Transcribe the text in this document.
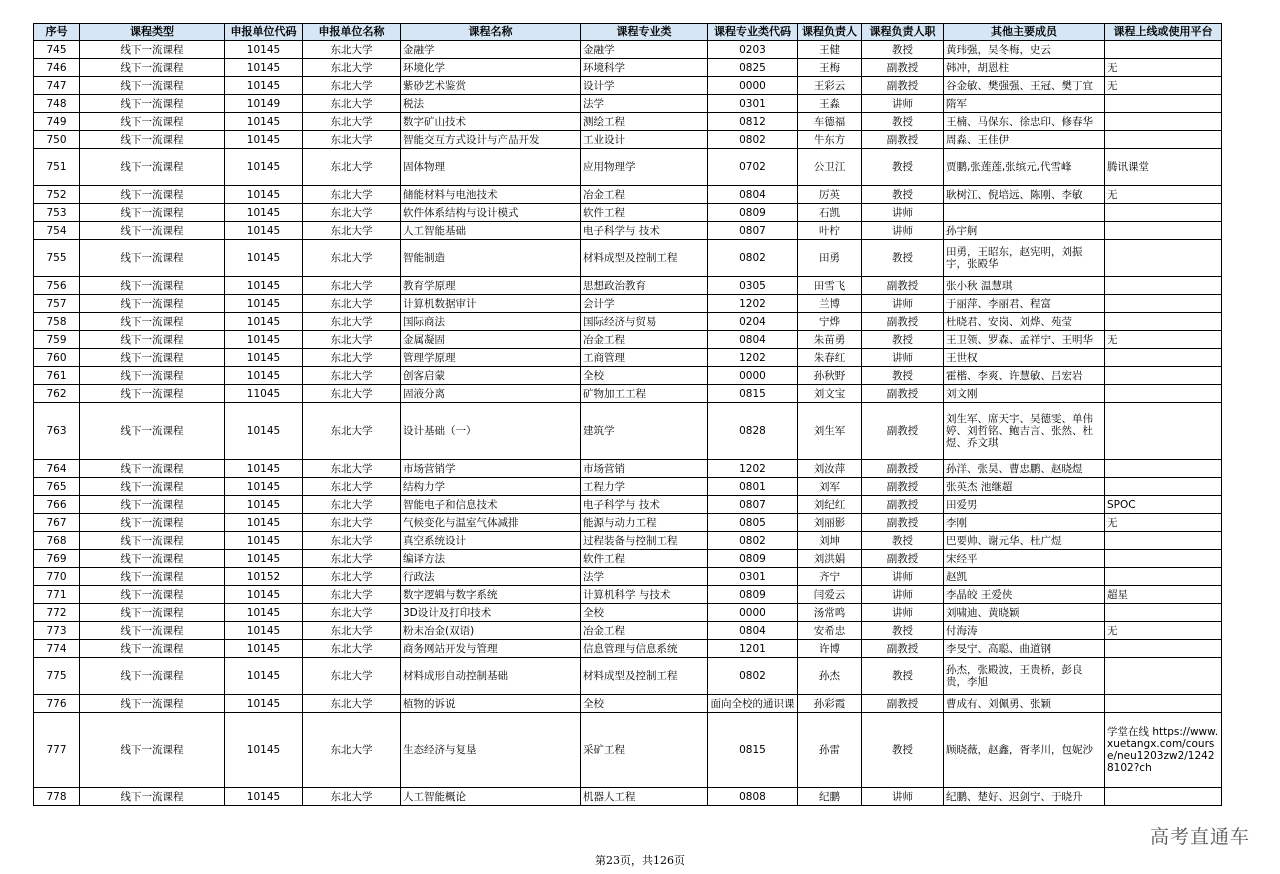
序号	课程类型	申报单位代码	申报单位名称	课程名称	课程专业类	课程专业类代码	课程负责人	课程负责人职	其他主要成员	课程上线或使用平台
745	线下一流课程	10145	东北大学	金融学	金融学	0203	王健	教授	黄玮强，吴冬梅，史云	
746	线下一流课程	10145	东北大学	环境化学	环境科学	0825	王梅	副教授	韩冲，胡恩柱	无
747	线下一流课程	10145	东北大学	紫砂艺术鉴赏	设计学	0000	王彩云	副教授	谷金敏、樊强强、王冠、樊丁宜	无
748	线下一流课程	10149	东北大学	税法	法学	0301	王淼	讲师	隋军	
749	线下一流课程	10145	东北大学	数字矿山技术	测绘工程	0812	车德福	教授	王楠、马保东、徐忠印、修春华	
750	线下一流课程	10145	东北大学	智能交互方式设计与产品开发	工业设计	0802	牛东方	副教授	周淼、王佳伊	
751	线下一流课程	10145	东北大学	固体物理	应用物理学	0702	公卫江	教授	贾鹏,张莲莲,张缤元,代雪峰	腾讯课堂
752	线下一流课程	10145	东北大学	储能材料与电池技术	冶金工程	0804	厉英	教授	耿树江、倪培远、陈刚、李敏	无
753	线下一流课程	10145	东北大学	软件体系结构与设计模式	软件工程	0809	石凯	讲师		
754	线下一流课程	10145	东北大学	人工智能基础	电子科学与 技术	0807	叶柠	讲师	孙宇舸	
755	线下一流课程	10145	东北大学	智能制造	材料成型及控制工程	0802	田勇	教授	田勇，王昭东，赵宪明，刘振宇，张殿华	
756	线下一流课程	10145	东北大学	教育学原理	思想政治教育	0305	田雪飞	副教授	张小秋 温慧琪	
757	线下一流课程	10145	东北大学	计算机数据审计	会计学	1202	兰博	讲师	于丽萍、李丽君、程富	
758	线下一流课程	10145	东北大学	国际商法	国际经济与贸易	0204	宁烨	副教授	杜晓君、安岗、刘烨、苑莹	
759	线下一流课程	10145	东北大学	金属凝固	冶金工程	0804	朱苗勇	教授	王卫领、罗森、孟祥宁、王明华	无
760	线下一流课程	10145	东北大学	管理学原理	工商管理	1202	朱春红	讲师	王世权	
761	线下一流课程	10145	东北大学	创客启蒙	全校	0000	孙秋野	教授	霍楷、李爽、许慧敏、吕宏岩	
762	线下一流课程	11045	东北大学	固液分离	矿物加工工程	0815	刘文宝	副教授	刘文刚	
763	线下一流课程	10145	东北大学	设计基础（一）	建筑学	0828	刘生军	副教授	刘生军、席天宇、吴德雯、单伟婷、刘哲铭、鲍吉言、张然、杜煜、乔文琪	
764	线下一流课程	10145	东北大学	市场营销学	市场营销	1202	刘汝萍	副教授	孙洋、张昊、曹忠鹏、赵晓煜	
765	线下一流课程	10145	东北大学	结构力学	工程力学	0801	刘军	副教授	张英杰 池继超	
766	线下一流课程	10145	东北大学	智能电子和信息技术	电子科学与 技术	0807	刘纪红	副教授	田爱男	SPOC
767	线下一流课程	10145	东北大学	气候变化与温室气体减排	能源与动力工程	0805	刘丽影	副教授	李刚	无
768	线下一流课程	10145	东北大学	真空系统设计	过程装备与控制工程	0802	刘坤	教授	巴要帅、谢元华、杜广煜	
769	线下一流课程	10145	东北大学	编译方法	软件工程	0809	刘洪娟	副教授	宋经平	
770	线下一流课程	10152	东北大学	行政法	法学	0301	齐宁	讲师	赵凯	
771	线下一流课程	10145	东北大学	数字逻辑与数字系统	计算机科学 与技术	0809	闫爱云	讲师	李晶皎 王爱侠	超星
772	线下一流课程	10145	东北大学	3D设计及打印技术	全校	0000	汤常鸣	讲师	刘啸迪、黄晓颖	
773	线下一流课程	10145	东北大学	粉末冶金(双语)	冶金工程	0804	安希忠	教授	付海涛	无
774	线下一流课程	10145	东北大学	商务网站开发与管理	信息管理与信息系统	1201	许博	副教授	李旻宁、高聪、曲道钢	
775	线下一流课程	10145	东北大学	材料成形自动控制基础	材料成型及控制工程	0802	孙杰	教授	孙杰，张殿波，王贵桥，彭良贵，李旭	
776	线下一流课程	10145	东北大学	植物的诉说	全校	面向全校的通识课	孙彩霞	副教授	曹成有、刘佩勇、张颖	
777	线下一流课程	10145	东北大学	生态经济与复垦	采矿工程	0815	孙雷	教授	顾晓薇，赵鑫，胥孝川，包妮沙	学堂在线 https://www.xuetangx.com/course/neu1203zw2/12428102?ch
778	线下一流课程	10145	东北大学	人工智能概论	机器人工程	0808	纪鹏	讲师	纪鹏、楚好、迟剑宁、于晓升	
第23页，共126页
高考直通车
